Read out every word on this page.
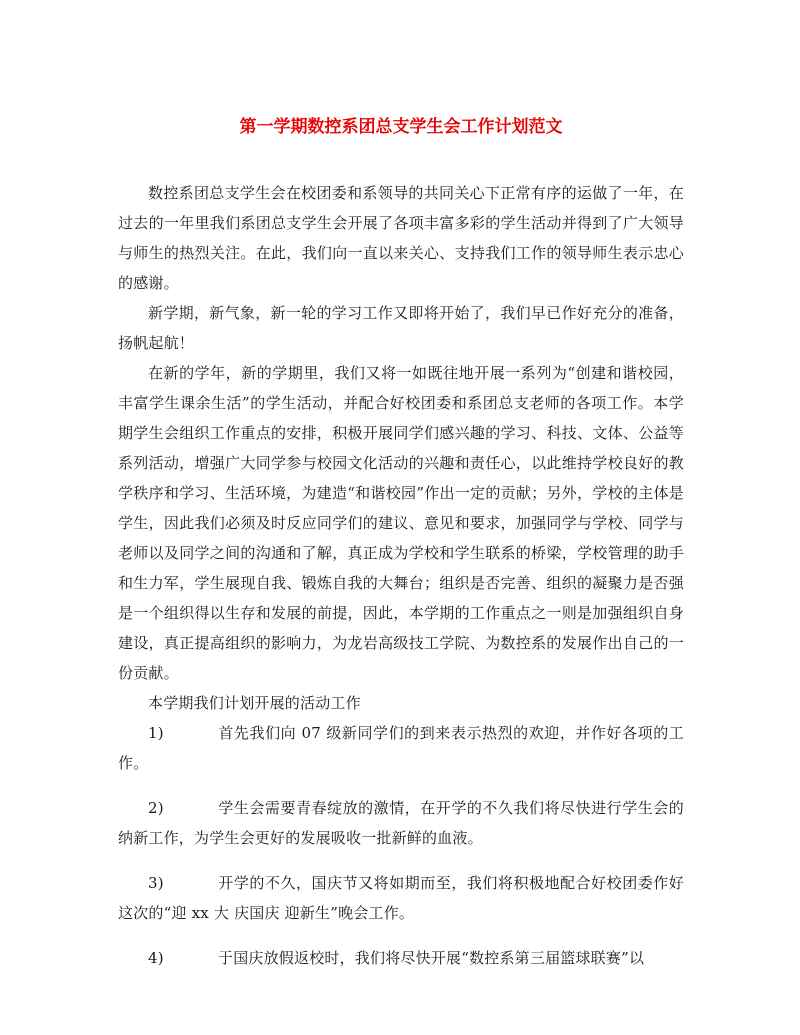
第一学期数控系团总支学生会工作计划范文

数控系团总支学生会在校团委和系领导的共同关心下正常有序的运做了一年，在过去的一年里我们系团总支学生会开展了各项丰富多彩的学生活动并得到了广大领导与师生的热烈关注。在此，我们向一直以来关心、支持我们工作的领导师生表示忠心的感谢。

新学期，新气象，新一轮的学习工作又即将开始了，我们早已作好充分的准备，扬帆起航！

在新的学年，新的学期里，我们又将一如既往地开展一系列为“创建和谐校园，丰富学生课余生活”的学生活动，并配合好校团委和系团总支老师的各项工作。本学期学生会组织工作重点的安排，积极开展同学们感兴趣的学习、科技、文体、公益等系列活动，增强广大同学参与校园文化活动的兴趣和责任心，以此维持学校良好的教学秩序和学习、生活环境，为建造“和谐校园”作出一定的贡献；另外，学校的主体是学生，因此我们必须及时反应同学们的建议、意见和要求，加强同学与学校、同学与老师以及同学之间的沟通和了解，真正成为学校和学生联系的桥梁，学校管理的助手和生力军，学生展现自我、锻炼自我的大舞台；组织是否完善、组织的凝聚力是否强是一个组织得以生存和发展的前提，因此，本学期的工作重点之一则是加强组织自身建设，真正提高组织的影响力，为龙岩高级技工学院、为数控系的发展作出自己的一份贡献。

本学期我们计划开展的活动工作

1)	首先我们向 07 级新同学们的到来表示热烈的欢迎，并作好各项的工作。

2)	学生会需要青春绽放的激情，在开学的不久我们将尽快进行学生会的纳新工作，为学生会更好的发展吸收一批新鲜的血液。

3)	开学的不久，国庆节又将如期而至，我们将积极地配合好校团委作好这次的“迎 xx 大 庆国庆 迎新生”晚会工作。

4)	于国庆放假返校时，我们将尽快开展“数控系第三届篮球联赛”以
